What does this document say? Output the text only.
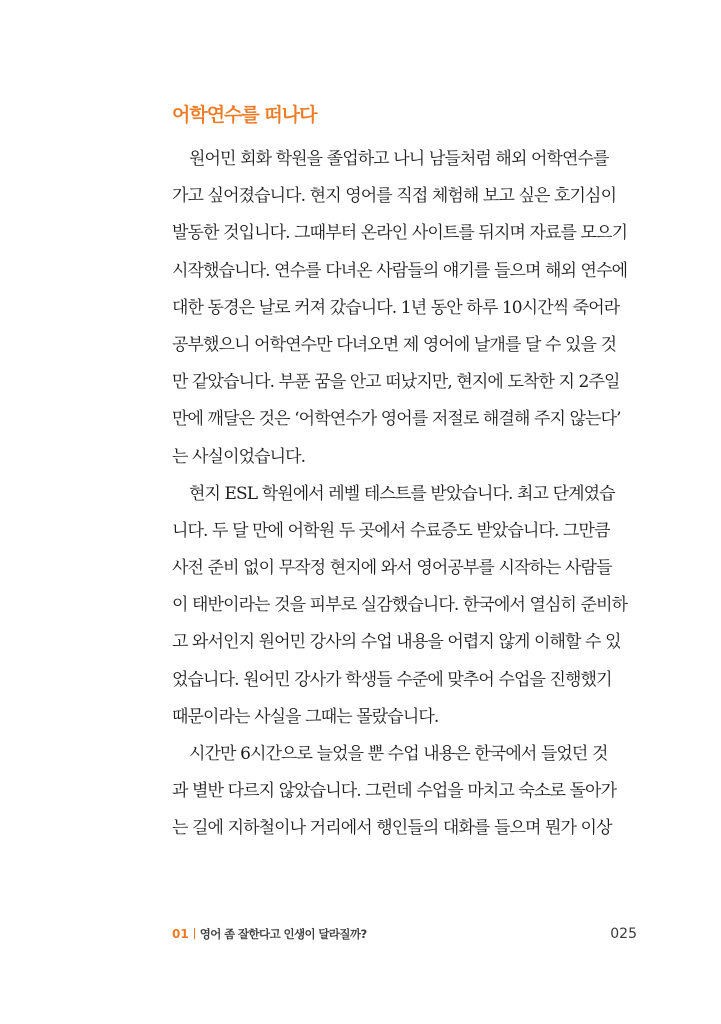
어학연수를 떠나다

원어민 회화 학원을 졸업하고 나니 남들처럼 해외 어학연수를
가고 싶어졌습니다. 현지 영어를 직접 체험해 보고 싶은 호기심이
발동한 것입니다. 그때부터 온라인 사이트를 뒤지며 자료를 모으기
시작했습니다. 연수를 다녀온 사람들의 얘기를 들으며 해외 연수에
대한 동경은 날로 커져 갔습니다. 1년 동안 하루 10시간씩 죽어라
공부했으니 어학연수만 다녀오면 제 영어에 날개를 달 수 있을 것
만 같았습니다. 부푼 꿈을 안고 떠났지만, 현지에 도착한 지 2주일
만에 깨달은 것은 ‘어학연수가 영어를 저절로 해결해 주지 않는다’
는 사실이었습니다.

현지 ESL 학원에서 레벨 테스트를 받았습니다. 최고 단계였습
니다. 두 달 만에 어학원 두 곳에서 수료증도 받았습니다. 그만큼
사전 준비 없이 무작정 현지에 와서 영어공부를 시작하는 사람들
이 태반이라는 것을 피부로 실감했습니다. 한국에서 열심히 준비하
고 와서인지 원어민 강사의 수업 내용을 어렵지 않게 이해할 수 있
었습니다. 원어민 강사가 학생들 수준에 맞추어 수업을 진행했기
때문이라는 사실을 그때는 몰랐습니다.

시간만 6시간으로 늘었을 뿐 수업 내용은 한국에서 들었던 것
과 별반 다르지 않았습니다. 그런데 수업을 마치고 숙소로 돌아가
는 길에 지하철이나 거리에서 행인들의 대화를 들으며 뭔가 이상

01 영어 좀 잘한다고 인생이 달라질까?	025
